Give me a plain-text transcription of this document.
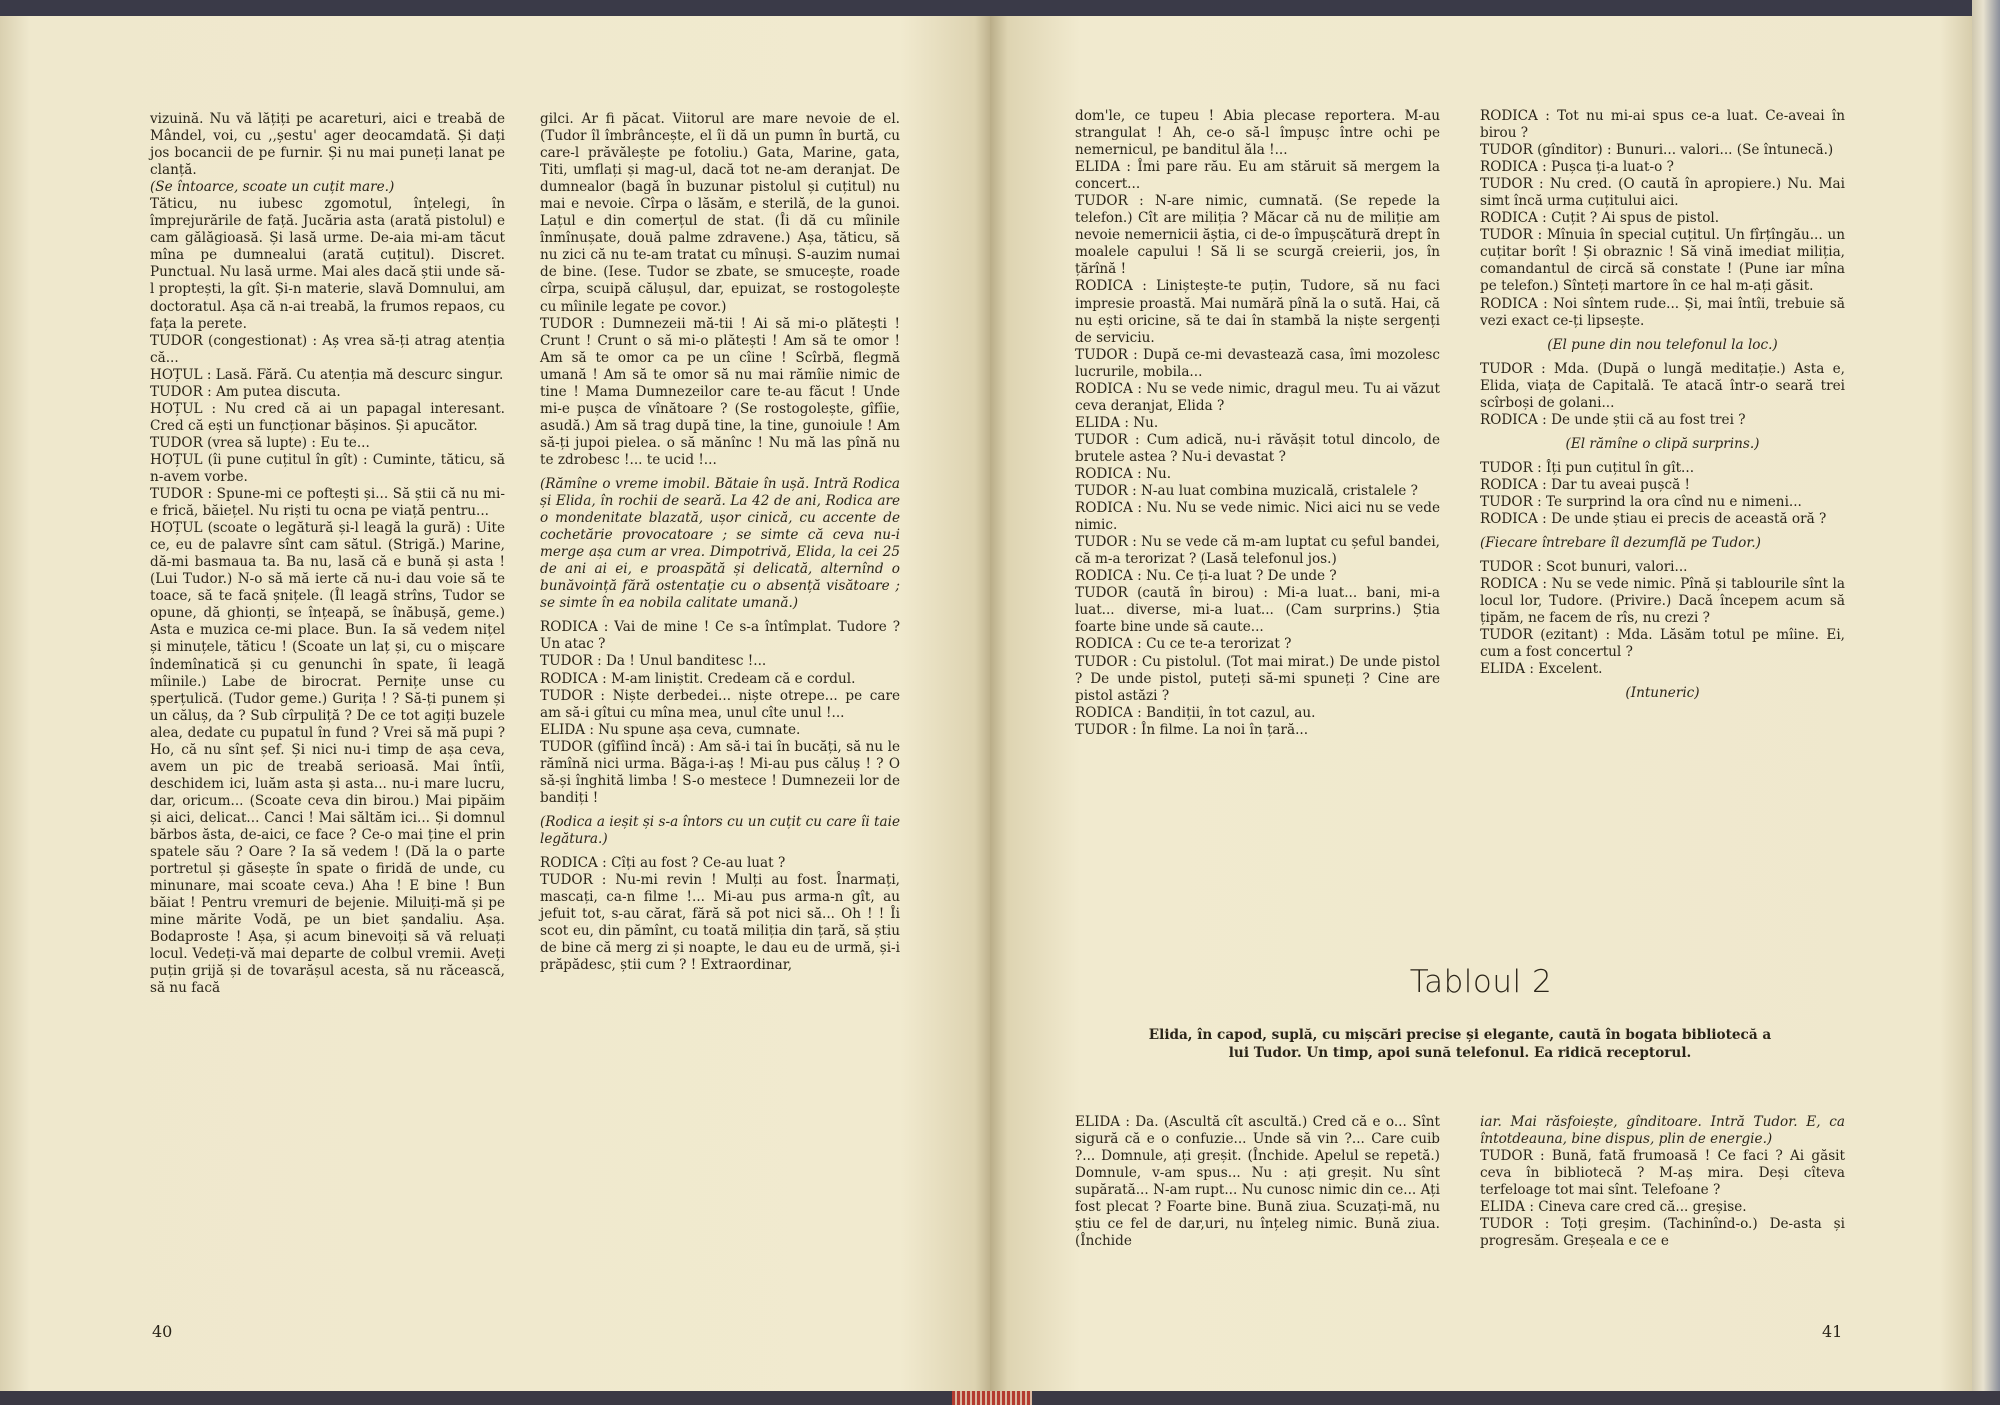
vizuină. Nu vă lățiți pe acareturi, aici e treabă de Mândel, voi, cu ,,șestu' ager deocamdată. Și dați jos bocancii de pe furnir. Și nu mai puneți lanat pe clanță.

(Se întoarce, scoate un cuțit mare.)

Tăticu, nu iubesc zgomotul, înțelegi, în împrejurările de față. Jucăria asta (arată pistolul) e cam gălăgioasă. Și lasă urme. De-aia mi-am tăcut mîna pe dumnealui (arată cuțitul). Discret. Punctual. Nu lasă urme. Mai ales dacă știi unde să-l proptești, la gît. Și-n materie, slavă Domnului, am doctoratul. Așa că n-ai treabă, la frumos repaos, cu fața la perete.

TUDOR (congestionat) : Aș vrea să-ți atrag atenția că...

HOȚUL : Lasă. Fără. Cu atenția mă descurc singur.

TUDOR : Am putea discuta.

HOȚUL : Nu cred că ai un papagal interesant. Cred că ești un funcționar bășinos. Și apucător.

TUDOR (vrea să lupte) : Eu te...

HOȚUL (îi pune cuțitul în gît) : Cuminte, tăticu, să n-avem vorbe.

TUDOR : Spune-mi ce poftești și... Să știi că nu mi-e frică, băiețel. Nu riști tu ocna pe viață pentru...

HOȚUL (scoate o legătură și-l leagă la gură) : Uite ce, eu de palavre sînt cam sătul. (Strigă.) Marine, dă-mi basmaua ta. Ba nu, lasă că e bună și asta ! (Lui Tudor.) N-o să mă ierte că nu-i dau voie să te toace, să te facă șnițele. (Îl leagă strîns, Tudor se opune, dă ghionți, se înțeapă, se înăbușă, geme.) Asta e muzica ce-mi place. Bun. Ia să vedem nițel și minuțele, tăticu ! (Scoate un laț și, cu o mișcare îndemînatică și cu genunchi în spate, îi leagă mîinile.) Labe de birocrat. Pernițe unse cu șperțulică. (Tudor geme.) Gurița ! ? Să-ți punem și un căluș, da ? Sub cîrpuliță ? De ce tot agiți buzele alea, dedate cu pupatul în fund ? Vrei să mă pupi ? Ho, că nu sînt șef. Și nici nu-i timp de așa ceva, avem un pic de treabă serioasă. Mai întîi, deschidem ici, luăm asta și asta... nu-i mare lucru, dar, oricum... (Scoate ceva din birou.) Mai pipăim și aici, delicat... Canci ! Mai săltăm ici... Și domnul bărbos ăsta, de-aici, ce face ? Ce-o mai ține el prin spatele său ? Oare ? Ia să vedem ! (Dă la o parte portretul și găsește în spate o firidă de unde, cu minunare, mai scoate ceva.) Aha ! E bine ! Bun băiat ! Pentru vremuri de bejenie. Miluiți-mă și pe mine mărite Vodă, pe un biet șandaliu. Așa. Bodaproste ! Așa, și acum binevoiți să vă reluați locul. Vedeți-vă mai departe de colbul vremii. Aveți puțin grijă și de tovarășul acesta, să nu răcească, să nu facă

gilci. Ar fi păcat. Viitorul are mare nevoie de el. (Tudor îl îmbrâncește, el îi dă un pumn în burtă, cu care-l prăvălește pe fotoliu.) Gata, Marine, gata, Titi, umflați și mag-ul, dacă tot ne-am deranjat. De dumnealor (bagă în buzunar pistolul și cuțitul) nu mai e nevoie. Cîrpa o lăsăm, e sterilă, de la gunoi. Lațul e din comerțul de stat. (Îi dă cu mîinile înmînușate, două palme zdravene.) Așa, tăticu, să nu zici că nu te-am tratat cu mînuși. S-auzim numai de bine. (Iese. Tudor se zbate, se smucește, roade cîrpa, scuipă călușul, dar, epuizat, se rostogolește cu mîinile legate pe covor.)

TUDOR : Dumnezeii mă-tii ! Ai să mi-o plătești ! Crunt ! Crunt o să mi-o plătești ! Am să te omor ! Am să te omor ca pe un cîine ! Scîrbă, flegmă umană ! Am să te omor să nu mai rămîie nimic de tine ! Mama Dumnezeilor care te-au făcut ! Unde mi-e pușca de vînătoare ? (Se rostogolește, gîfîie, asudă.) Am să trag după tine, la tine, gunoiule ! Am să-ți jupoi pielea. o să mănînc ! Nu mă las pînă nu te zdrobesc !... te ucid !...

(Rămîne o vreme imobil. Bătaie în ușă. Intră Rodica și Elida, în rochii de seară. La 42 de ani, Rodica are o mondenitate blazată, ușor cinică, cu accente de cochetărie provocatoare ; se simte că ceva nu-i merge așa cum ar vrea. Dimpotrivă, Elida, la cei 25 de ani ai ei, e proaspătă și delicată, alternînd o bunăvoință fără ostentație cu o absență visătoare ; se simte în ea nobila calitate umană.)

RODICA : Vai de mine ! Ce s-a întîmplat. Tudore ? Un atac ?

TUDOR : Da ! Unul banditesc !...

RODICA : M-am liniștit. Credeam că e cordul.

TUDOR : Niște derbedei... niște otrepe... pe care am să-i gîtui cu mîna mea, unul cîte unul !...

ELIDA : Nu spune așa ceva, cumnate.

TUDOR (gîfîind încă) : Am să-i tai în bucăți, să nu le rămînă nici urma. Băga-i-aș ! Mi-au pus căluș ! ? O să-și înghită limba ! S-o mestece ! Dumnezeii lor de bandiți !

(Rodica a ieșit și s-a întors cu un cuțit cu care îi taie legătura.)

RODICA : Cîți au fost ? Ce-au luat ?

TUDOR : Nu-mi revin ! Mulți au fost. Înarmați, mascați, ca-n filme !... Mi-au pus arma-n gît, au jefuit tot, s-au cărat, fără să pot nici să... Oh ! ! Îi scot eu, din pămînt, cu toată miliția din țară, să știu de bine că merg zi și noapte, le dau eu de urmă, și-i prăpădesc, știi cum ? ! Extraordinar,

40

dom'le, ce tupeu ! Abia plecase reportera. M-au strangulat ! Ah, ce-o să-l împușc între ochi pe nemernicul, pe banditul ăla !...

ELIDA : Îmi pare rău. Eu am stăruit să mergem la concert...

TUDOR : N-are nimic, cumnată. (Se repede la telefon.) Cît are miliția ? Măcar că nu de miliție am nevoie nemernicii ăștia, ci de-o împușcătură drept în moalele capului ! Să li se scurgă creierii, jos, în țărînă !

RODICA : Liniștește-te puțin, Tudore, să nu faci impresie proastă. Mai numără pînă la o sută. Hai, că nu ești oricine, să te dai în stambă la niște sergenți de serviciu.

TUDOR : După ce-mi devastează casa, îmi mozolesc lucrurile, mobila...

RODICA : Nu se vede nimic, dragul meu. Tu ai văzut ceva deranjat, Elida ?

ELIDA : Nu.

TUDOR : Cum adică, nu-i răvășit totul dincolo, de brutele astea ? Nu-i devastat ?

RODICA : Nu.

TUDOR : N-au luat combina muzicală, cristalele ?

RODICA : Nu. Nu se vede nimic. Nici aici nu se vede nimic.

TUDOR : Nu se vede că m-am luptat cu șeful bandei, că m-a terorizat ? (Lasă telefonul jos.)

RODICA : Nu. Ce ți-a luat ? De unde ?

TUDOR (caută în birou) : Mi-a luat... bani, mi-a luat... diverse, mi-a luat... (Cam surprins.) Știa foarte bine unde să caute...

RODICA : Cu ce te-a terorizat ?

TUDOR : Cu pistolul. (Tot mai mirat.) De unde pistol ? De unde pistol, puteți să-mi spuneți ? Cine are pistol astăzi ?

RODICA : Bandiții, în tot cazul, au.

TUDOR : În filme. La noi în țară...

RODICA : Tot nu mi-ai spus ce-a luat. Ce-aveai în birou ?

TUDOR (gînditor) : Bunuri... valori... (Se întunecă.)

RODICA : Pușca ți-a luat-o ?

TUDOR : Nu cred. (O caută în apropiere.) Nu. Mai simt încă urma cuțitului aici.

RODICA : Cuțit ? Ai spus de pistol.

TUDOR : Mînuia în special cuțitul. Un fîrțîngău... un cuțitar borît ! Și obraznic ! Să vină imediat miliția, comandantul de circă să constate ! (Pune iar mîna pe telefon.) Sînteți martore în ce hal m-ați găsit.

RODICA : Noi sîntem rude... Și, mai întîi, trebuie să vezi exact ce-ți lipsește.

(El pune din nou telefonul la loc.)

TUDOR : Mda. (După o lungă meditație.) Asta e, Elida, viața de Capitală. Te atacă într-o seară trei scîrboși de golani...

RODICA : De unde știi că au fost trei ?

(El rămîne o clipă surprins.)

TUDOR : Îți pun cuțitul în gît...

RODICA : Dar tu aveai pușcă !

TUDOR : Te surprind la ora cînd nu e nimeni...

RODICA : De unde știau ei precis de această oră ?

(Fiecare întrebare îl dezumflă pe Tudor.)

TUDOR : Scot bunuri, valori...

RODICA : Nu se vede nimic. Pînă și tablourile sînt la locul lor, Tudore. (Privire.) Dacă începem acum să țipăm, ne facem de rîs, nu crezi ?

TUDOR (ezitant) : Mda. Lăsăm totul pe mîine. Ei, cum a fost concertul ?

ELIDA : Excelent.

(Intuneric)

Tabloul 2
Elida, în capod, suplă, cu mișcări precise și elegante, caută în bogata bibliotecă a lui Tudor. Un timp, apoi sună telefonul. Ea ridică receptorul.

ELIDA : Da. (Ascultă cît ascultă.) Cred că e o... Sînt sigură că e o confuzie... Unde să vin ?... Care cuib ?... Domnule, ați greșit. (Închide. Apelul se repetă.) Domnule, v-am spus... Nu : ați greșit. Nu sînt supărată... N-am rupt... Nu cunosc nimic din ce... Ați fost plecat ? Foarte bine. Bună ziua. Scuzați-mă, nu știu ce fel de dar,uri, nu înțeleg nimic. Bună ziua. (Închide

iar. Mai răsfoiește, gînditoare. Intră Tudor. E, ca întotdeauna, bine dispus, plin de energie.)

TUDOR : Bună, fată frumoasă ! Ce faci ? Ai găsit ceva în bibliotecă ? M-aș mira. Deși cîteva terfeloage tot mai sînt. Telefoane ?

ELIDA : Cineva care cred că... greșise.

TUDOR : Toți greșim. (Tachinînd-o.) De-asta și progresăm. Greșeala e ce e

41
